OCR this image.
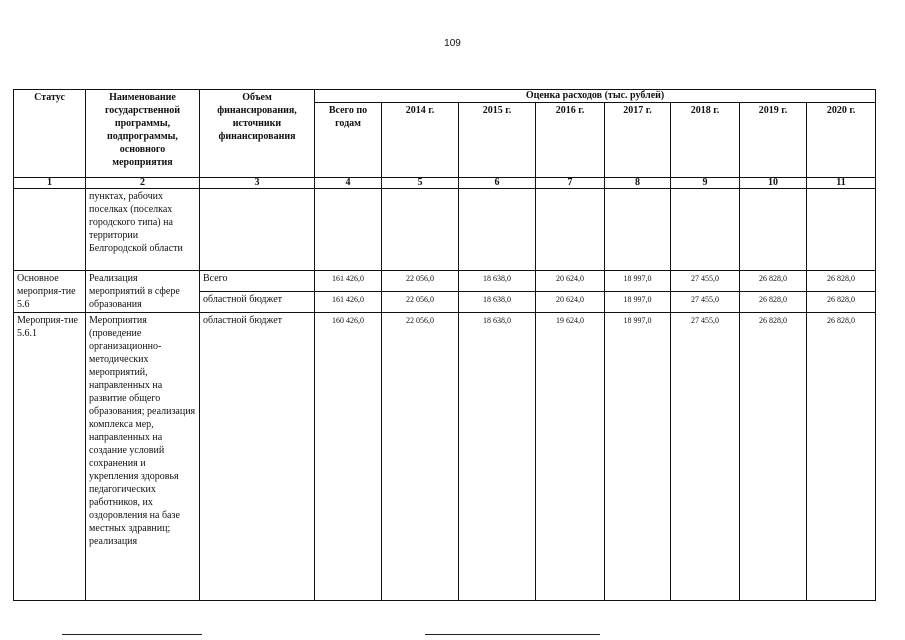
109
Статус	Наименование государственной программы, подпрограммы, основного мероприятия	Объем финансирования, источники финансирования	Оценка расходов (тыс. рублей)							
			Всего по годам	2014 г.	2015 г.	2016 г.	2017 г.	2018 г.	2019 г.	2020 г.
1	2	3	4	5	6	7	8	9	10	11
	пунктах, рабочих поселках (поселках городского типа) на территории Белгородской области									
Основное мероприя-тие 5.6	Реализация мероприятий в сфере образования	Всего	161 426,0	22 056,0	18 638,0	20 624,0	18 997,0	27 455,0	26 828,0	26 828,0
		областной бюджет	161 426,0	22 056,0	18 638,0	20 624,0	18 997,0	27 455,0	26 828,0	26 828,0
Мероприя-тие 5.6.1	Мероприятия (проведение организационно-методических мероприятий, направленных на развитие общего образования; реализация комплекса мер, направленных на создание условий сохранения и укрепления здоровья педагогических работников, их оздоровления на базе местных здравниц; реализация	областной бюджет	160 426,0	22 056,0	18 638,0	19 624,0	18 997,0	27 455,0	26 828,0	26 828,0
